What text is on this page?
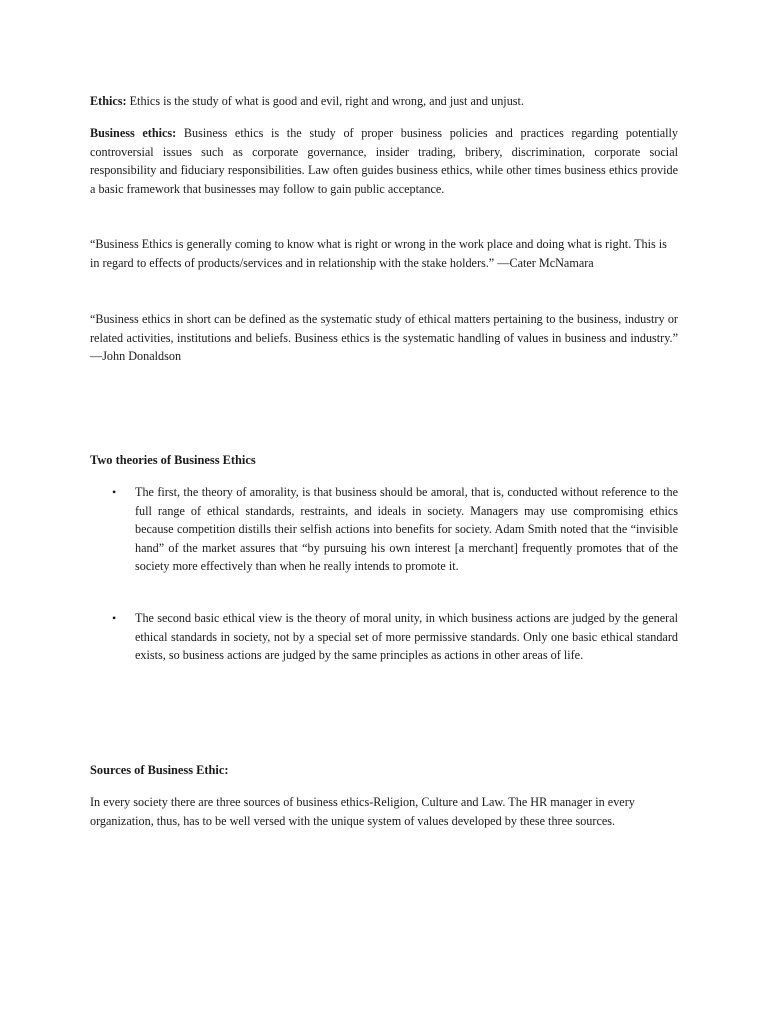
Ethics: Ethics is the study of what is good and evil, right and wrong, and just and unjust.

Business ethics: Business ethics is the study of proper business policies and practices regarding potentially controversial issues such as corporate governance, insider trading, bribery, discrimination, corporate social responsibility and fiduciary responsibilities. Law often guides business ethics, while other times business ethics provide a basic framework that businesses may follow to gain public acceptance.

“Business Ethics is generally coming to know what is right or wrong in the work place and doing what is right. This is in regard to effects of products/services and in relationship with the stake holders.” —Cater McNamara

“Business ethics in short can be defined as the systematic study of ethical matters pertaining to the business, industry or related activities, institutions and beliefs. Business ethics is the systematic handling of values in business and industry.” —John Donaldson

Two theories of Business Ethics

•	The first, the theory of amorality, is that business should be amoral, that is, conducted without reference to the full range of ethical standards, restraints, and ideals in society. Managers may use compromising ethics because competition distills their selfish actions into benefits for society. Adam Smith noted that the “invisible hand” of the market assures that “by pursuing his own interest [a merchant] frequently promotes that of the society more effectively than when he really intends to promote it.

•	The second basic ethical view is the theory of moral unity, in which business actions are judged by the general ethical standards in society, not by a special set of more permissive standards. Only one basic ethical standard exists, so business actions are judged by the same principles as actions in other areas of life.

Sources of Business Ethic:

In every society there are three sources of business ethics-Religion, Culture and Law. The HR manager in every organization, thus, has to be well versed with the unique system of values developed by these three sources.
